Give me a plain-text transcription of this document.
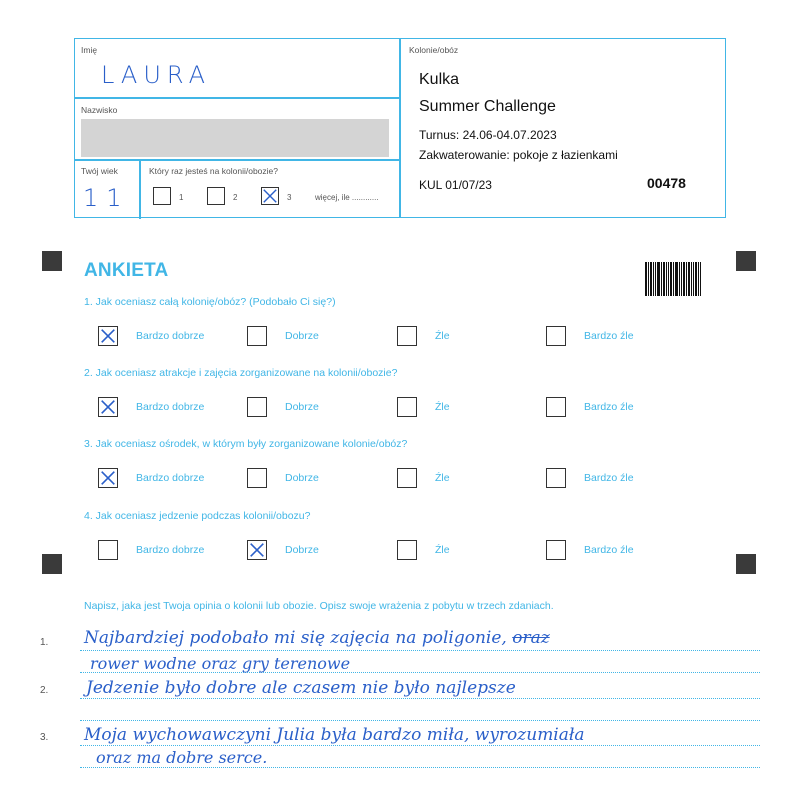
Imię
LAURA
Nazwisko
Twój wiek
11
Który raz jesteś na kolonii/obozie?
1	2	3	więcej, ile ............
Kolonie/obóz
Kulka
Summer Challenge
Turnus: 24.06-04.07.2023
Zakwaterowanie: pokoje z łazienkami
KUL 01/07/23	00478
ANKIETA
1. Jak oceniasz całą kolonię/obóz? (Podobało Ci się?)
Bardzo dobrze	Dobrze	Źle	Bardzo źle
2. Jak oceniasz atrakcje i zajęcia zorganizowane na kolonii/obozie?
Bardzo dobrze	Dobrze	Źle	Bardzo źle
3. Jak oceniasz ośrodek, w którym były zorganizowane kolonie/obóz?
Bardzo dobrze	Dobrze	Źle	Bardzo źle
4. Jak oceniasz jedzenie podczas kolonii/obozu?
Bardzo dobrze	Dobrze	Źle	Bardzo źle
Napisz, jaka jest Twoja opinia o kolonii lub obozie. Opisz swoje wrażenia z pobytu w trzech zdaniach.
1.
2.
3.
Najbardziej podobało mi się zajęcia na poligonie, oraz
rower wodne oraz gry terenowe
Jedzenie było dobre ale czasem nie było najlepsze
Moja wychowawczyni Julia była bardzo miła, wyrozumiała
oraz ma dobre serce.
